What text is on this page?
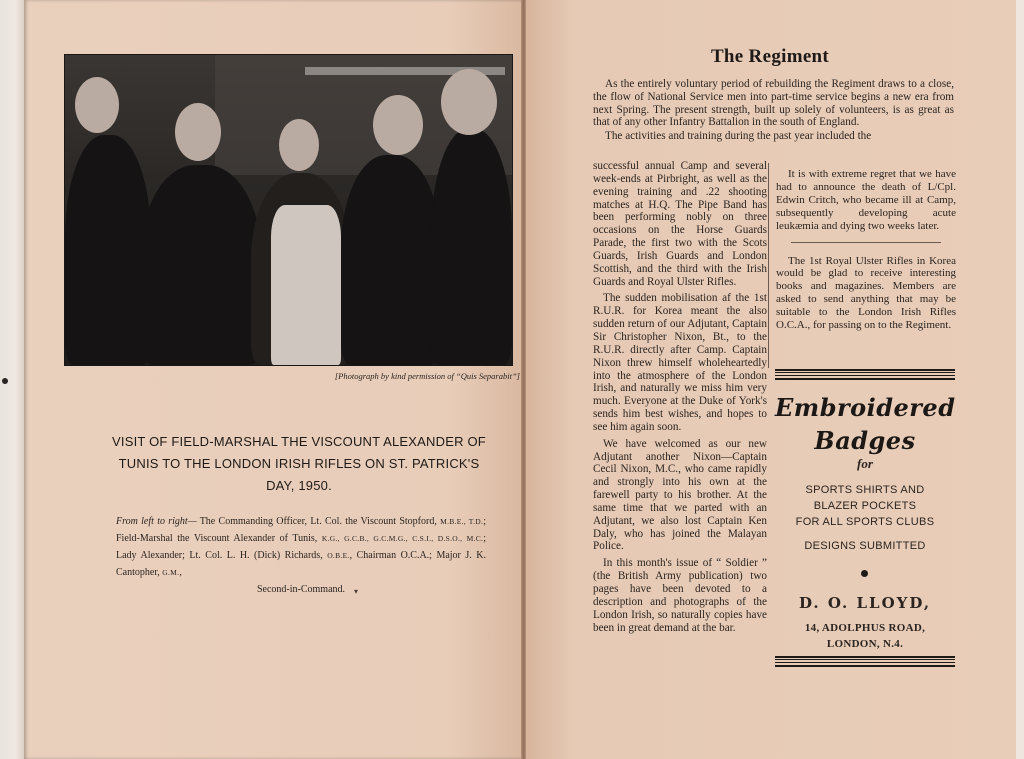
[Photograph by kind permission of “Quis Separabit”]
VISIT OF FIELD-MARSHAL THE VISCOUNT ALEXANDER OF TUNIS TO THE LONDON IRISH RIFLES ON ST. PATRICK'S DAY, 1950.
From left to right— The Commanding Officer, Lt. Col. the Viscount Stopford, M.B.E., T.D.; Field-Marshal the Viscount Alexander of Tunis, K.G., G.C.B., G.C.M.G., C.S.I., D.S.O., M.C.; Lady Alexander; Lt. Col. L. H. (Dick) Richards, O.B.E., Chairman O.C.A.; Major J. K. Cantopher, G.M.,
Second-in-Command.
The Regiment
As the entirely voluntary period of rebuilding the Regiment draws to a close, the flow of National Service men into part-time service begins a new era from next Spring. The present strength, built up solely of volunteers, is as great as that of any other Infantry Battalion in the south of England.
The activities and training during the past year included the

successful annual Camp and several week-ends at Pirbright, as well as the evening training and .22 shooting matches at H.Q. The Pipe Band has been performing nobly on three occasions on the Horse Guards Parade, the first two with the Scots Guards, Irish Guards and London Scottish, and the third with the Irish Guards and Royal Ulster Rifles.

The sudden mobilisation af the 1st R.U.R. for Korea meant the also sudden return of our Adjutant, Captain Sir Christopher Nixon, Bt., to the R.U.R. directly after Camp. Captain Nixon threw himself wholeheartedly into the atmosphere of the London Irish, and naturally we miss him very much. Everyone at the Duke of York's sends him best wishes, and hopes to see him again soon.

We have welcomed as our new Adjutant another Nixon—Captain Cecil Nixon, M.C., who came rapidly and strongly into his own at the farewell party to his brother. At the same time that we parted with an Adjutant, we also lost Captain Ken Daly, who has joined the Malayan Police.

In this month's issue of “ Soldier ” (the British Army publication) two pages have been devoted to a description and photographs of the London Irish, so naturally copies have been in great demand at the bar.

It is with extreme regret that we have had to announce the death of L/Cpl. Edwin Critch, who became ill at Camp, subsequently developing acute leukæmia and dying two weeks later.

The 1st Royal Ulster Rifles in Korea would be glad to receive interesting books and magazines. Members are asked to send anything that may be suitable to the London Irish Rifles O.C.A., for passing on to the Regiment.

Embroidered
Badges
for
SPORTS SHIRTS AND
BLAZER POCKETS
FOR ALL SPORTS CLUBS
DESIGNS SUBMITTED
D. O. LLOYD,
14, ADOLPHUS ROAD,
LONDON, N.4.
▾
